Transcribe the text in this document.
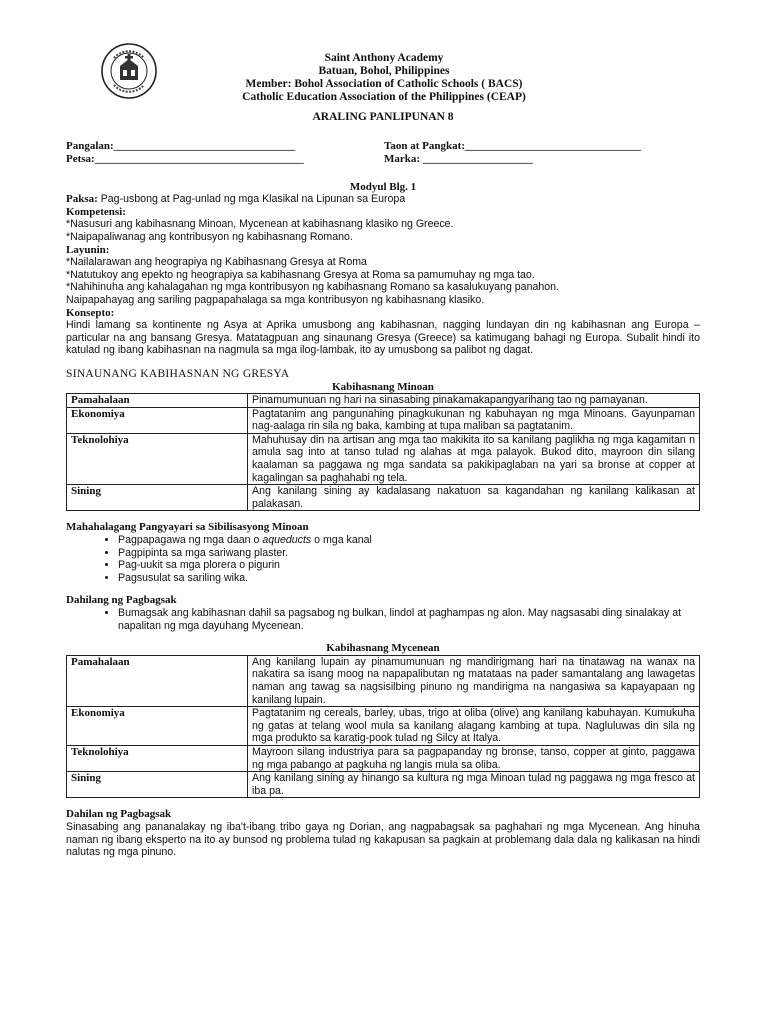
Saint Anthony Academy
Batuan, Bohol, Philippines
Member: Bohol Association of Catholic Schools ( BACS)
Catholic Education Association of the Philippines (CEAP)
ARALING PANLIPUNAN 8
Pangalan:_________________________________	Taon at Pangkat:________________________________
Petsa:______________________________________	Marka: ____________________
Modyul Blg. 1
Paksa: Pag-usbong at Pag-unlad ng mga Klasikal na Lipunan sa Europa
Kompetensi:
*Nasusuri ang kabihasnang Minoan, Mycenean at kabihasnang klasiko ng Greece.
*Naipapaliwanag ang kontribusyon ng kabihasnang Romano.
Layunin:
*Nailalarawan ang heograpiya ng Kabihasnang Gresya at Roma
*Natutukoy ang epekto ng heograpiya sa kabihasnang Gresya at Roma sa pamumuhay ng mga tao.
*Nahihinuha ang kahalagahan ng mga kontribusyon ng kabihasnang Romano sa kasalukuyang panahon.
Naipapahayag ang sariling pagpapahalaga sa mga kontribusyon ng kabihasnang klasiko.
Konsepto:
Hindi lamang sa kontinente ng Asya at Aprika umusbong ang kabihasnan, nagging lundayan din ng kabihasnan ang Europa – particular na ang bansang Gresya. Matatagpuan ang sinaunang Gresya (Greece) sa katimugang bahagi ng Europa. Subalit hindi ito katulad ng ibang kabihasnan na nagmula sa mga ilog-lambak, ito ay umusbong sa palibot ng dagat.
SINAUNANG KABIHASNAN NG GRESYA
Kabihasnang Minoan
Pamahalaan	Pinamumunuan ng hari na sinasabing pinakamakapangyarihang tao ng pamayanan.
Ekonomiya	Pagtatanim ang pangunahing pinagkukunan ng kabuhayan ng mga Minoans. Gayunpaman nag-aalaga rin sila ng baka, kambing at tupa maliban sa pagtatanim.
Teknolohiya	Mahuhusay din na artisan ang mga tao makikita ito sa kanilang paglikha ng mga kagamitan n amula sag into at tanso tulad ng alahas at mga palayok. Bukod dito, mayroon din silang kaalaman sa paggawa ng mga sandata sa pakikipaglaban na yari sa bronse at copper at kagalingan sa paghahabi ng tela.
Sining	Ang kanilang sining ay kadalasang nakatuon sa kagandahan ng kanilang kalikasan at palakasan.
Mahahalagang Pangyayari sa Sibilisasyong Minoan
• Pagpapagawa ng mga daan o aqueducts o mga kanal
• Pagpipinta sa mga sariwang plaster.
• Pag-uukit sa mga plorera o pigurin
• Pagsusulat sa sariling wika.
Dahilang ng Pagbagsak
• Bumagsak ang kabihasnan dahil sa pagsabog ng bulkan, lindol at paghampas ng alon. May nagsasabi ding sinalakay at napalitan ng mga dayuhang Mycenean.
Kabihasnang Mycenean
Pamahalaan	Ang kanilang lupain ay pinamumunuan ng mandirigmang hari na tinatawag na wanax na nakatira sa isang moog na napapalibutan ng matataas na pader samantalang ang lawagetas naman ang tawag sa nagsisilbing pinuno ng mandirigma na nangasiwa sa kapayapaan ng kanilang lupain.
Ekonomiya	Pagtatanim ng cereals, barley, ubas, trigo at oliba (olive) ang kanilang kabuhayan. Kumukuha ng gatas at telang wool mula sa kanilang alagang kambing at tupa. Nagluluwas din sila ng mga produkto sa karatig-pook tulad ng Silcy at Italya.
Teknolohiya	Mayroon silang industriya para sa pagpapanday ng bronse, tanso, copper at ginto, paggawa ng mga pabango at pagkuha ng langis mula sa oliba.
Sining	Ang kanilang sining ay hinango sa kultura ng mga Minoan tulad ng paggawa ng mga fresco at iba pa.
Dahilan ng Pagbagsak
Sinasabing ang pananalakay ng iba't-ibang tribo gaya ng Dorian, ang nagpabagsak sa paghahari ng mga Mycenean. Ang hinuha naman ng ibang eksperto na ito ay bunsod ng problema tulad ng kakapusan sa pagkain at problemang dala dala ng kalikasan na hindi nalutas ng mga pinuno.
